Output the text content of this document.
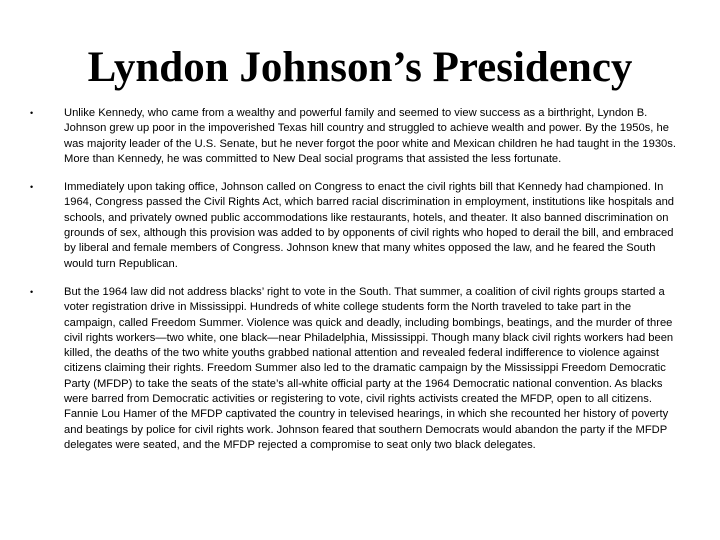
Lyndon Johnson’s Presidency
•	Unlike Kennedy, who came from a wealthy and powerful family and seemed to view success as a birthright, Lyndon B. Johnson grew up poor in the impoverished Texas hill country and struggled to achieve wealth and power. By the 1950s, he was majority leader of the U.S. Senate, but he never forgot the poor white and Mexican children he had taught in the 1930s. More than Kennedy, he was committed to New Deal social programs that assisted the less fortunate.
•	Immediately upon taking office, Johnson called on Congress to enact the civil rights bill that Kennedy had championed. In 1964, Congress passed the Civil Rights Act, which barred racial discrimination in employment, institutions like hospitals and schools, and privately owned public accommodations like restaurants, hotels, and theater. It also banned discrimination on grounds of sex, although this provision was added to by opponents of civil rights who hoped to derail the bill, and embraced by liberal and female members of Congress. Johnson knew that many whites opposed the law, and he feared the South would turn Republican.
•	But the 1964 law did not address blacks’ right to vote in the South. That summer, a coalition of civil rights groups started a voter registration drive in Mississippi. Hundreds of white college students form the North traveled to take part in the campaign, called Freedom Summer. Violence was quick and deadly, including bombings, beatings, and the murder of three civil rights workers—two white, one black—near Philadelphia, Mississippi. Though many black civil rights workers had been killed, the deaths of the two white youths grabbed national attention and revealed federal indifference to violence against citizens claiming their rights. Freedom Summer also led to the dramatic campaign by the Mississippi Freedom Democratic Party (MFDP) to take the seats of the state’s all-white official party at the 1964 Democratic national convention. As blacks were barred from Democratic activities or registering to vote, civil rights activists created the MFDP, open to all citizens. Fannie Lou Hamer of the MFDP captivated the country in televised hearings, in which she recounted her history of poverty and beatings by police for civil rights work. Johnson feared that southern Democrats would abandon the party if the MFDP delegates were seated, and the MFDP rejected a compromise to seat only two black delegates.
